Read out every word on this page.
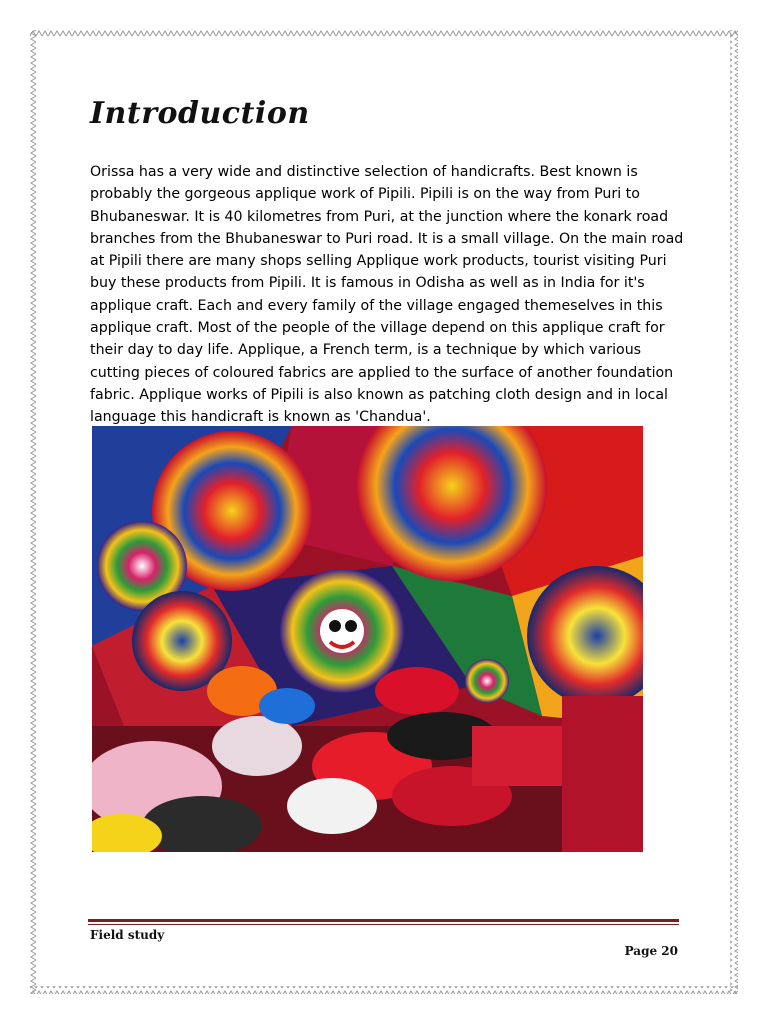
Introduction

Orissa has a very wide and distinctive selection of handicrafts. Best known is probably the gorgeous applique work of Pipili. Pipili is on the way from Puri to Bhubaneswar. It is 40 kilometres from Puri, at the junction where the konark road branches from the Bhubaneswar to Puri road. It is a small village. On the main road at Pipili there are many shops selling Applique work products, tourist visiting Puri buy these products from Pipili. It is famous in Odisha as well as in India for it's applique craft. Each and every family of the village engaged themeselves in this applique craft. Most of the people of the village depend on this applique craft for their day to day life. Applique, a French term, is a technique by which various cutting pieces of coloured fabrics are applied to the surface of another foundation fabric. Applique works of Pipili is also known as patching cloth design and in local language this handicraft is known as 'Chandua'.

Field study
Page 20
